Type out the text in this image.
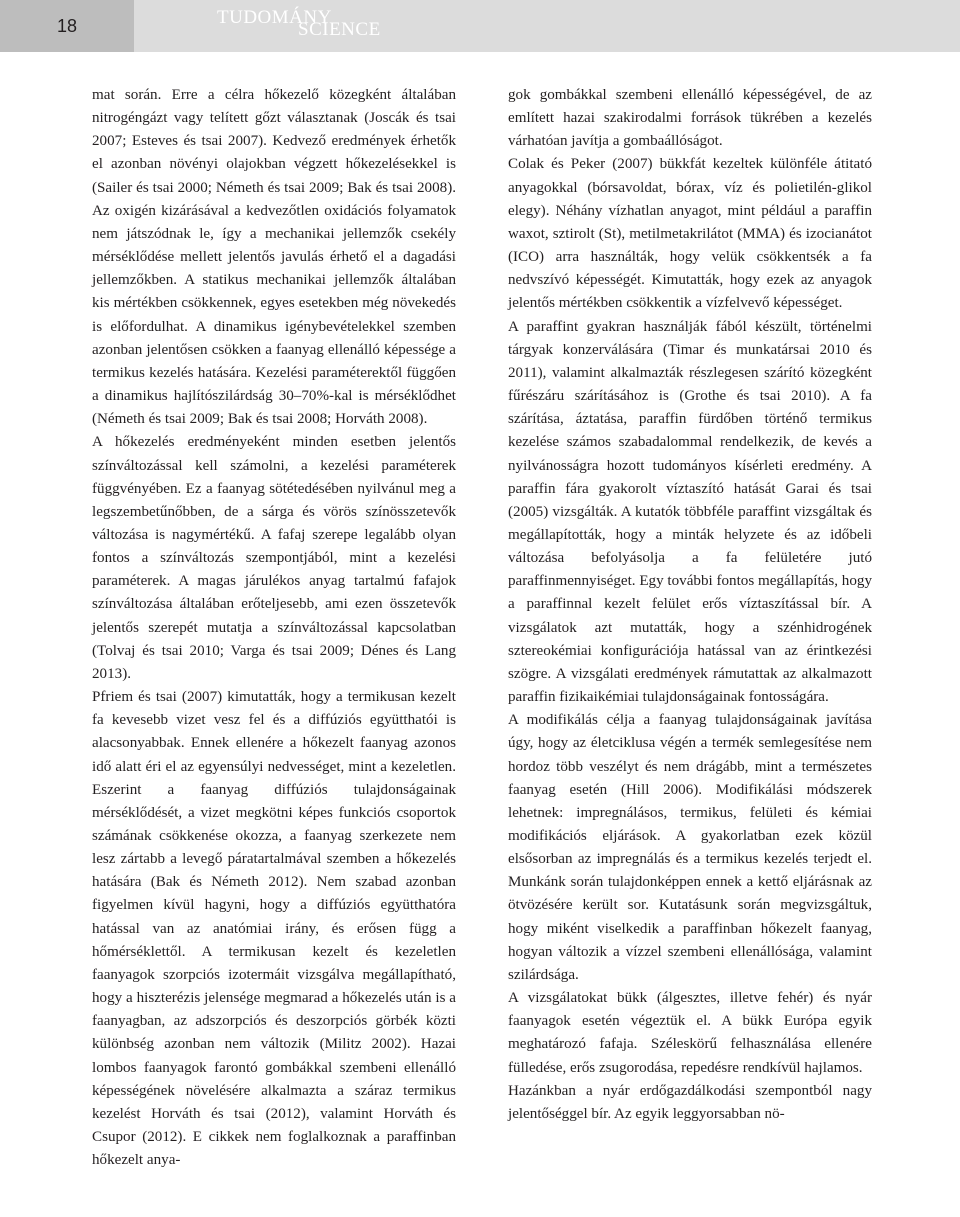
18	TUDOMÁNY
SCIENCE

mat során. Erre a célra hőkezelő közegként általában nitrogéngázt vagy telített gőzt választanak (Joscák és tsai 2007; Esteves és tsai 2007). Kedvező eredmények érhetők el azonban növényi olajokban végzett hőkezelésekkel is (Sailer és tsai 2000; Németh és tsai 2009; Bak és tsai 2008). Az oxigén kizárásával a kedvezőtlen oxidációs folyamatok nem játszódnak le, így a mechanikai jellemzők csekély mérséklődése mellett jelentős javulás érhető el a dagadási jellemzőkben. A statikus mechanikai jellemzők általában kis mértékben csökkennek, egyes esetekben még növekedés is előfordulhat. A dinamikus igénybevételekkel szemben azonban jelentősen csökken a faanyag ellenálló képessége a termikus kezelés hatására. Kezelési paraméterektől függően a dinamikus hajlítószilárdság 30–70%-kal is mérséklődhet (Németh és tsai 2009; Bak és tsai 2008; Horváth 2008).

A hőkezelés eredményeként minden esetben jelentős színváltozással kell számolni, a kezelési paraméterek függvényében. Ez a faanyag sötétedésében nyilvánul meg a legszembetűnőbben, de a sárga és vörös színösszetevők változása is nagymértékű. A fafaj szerepe legalább olyan fontos a színváltozás szempontjából, mint a kezelési paraméterek. A magas járulékos anyag tartalmú fafajok színváltozása általában erőteljesebb, ami ezen összetevők jelentős szerepét mutatja a színváltozással kapcsolatban (Tolvaj és tsai 2010; Varga és tsai 2009; Dénes és Lang 2013).

Pfriem és tsai (2007) kimutatták, hogy a termikusan kezelt fa kevesebb vizet vesz fel és a diffúziós együtthatói is alacsonyabbak. Ennek ellenére a hőkezelt faanyag azonos idő alatt éri el az egyensúlyi nedvességet, mint a kezeletlen. Eszerint a faanyag diffúziós tulajdonságainak mérséklődését, a vizet megkötni képes funkciós csoportok számának csökkenése okozza, a faanyag szerkezete nem lesz zártabb a levegő páratartalmával szemben a hőkezelés hatására (Bak és Németh 2012). Nem szabad azonban figyelmen kívül hagyni, hogy a diffúziós együtthatóra hatással van az anatómiai irány, és erősen függ a hőmérséklettől. A termikusan kezelt és kezeletlen faanyagok szorpciós izotermáit vizsgálva megállapítható, hogy a hiszterézis jelensége megmarad a hőkezelés után is a faanyagban, az adszorpciós és deszorpciós görbék közti különbség azonban nem változik (Militz 2002). Hazai lombos faanyagok farontó gombákkal szembeni ellenálló képességének növelésére alkalmazta a száraz termikus kezelést Horváth és tsai (2012), valamint Horváth és Csupor (2012). E cikkek nem foglalkoznak a paraffinban hőkezelt anya-

gok gombákkal szembeni ellenálló képességével, de az említett hazai szakirodalmi források tükrében a kezelés várhatóan javítja a gombaállóságot.

Colak és Peker (2007) bükkfát kezeltek különféle átitató anyagokkal (bórsavoldat, bórax, víz és polietilén-glikol elegy). Néhány vízhatlan anyagot, mint például a paraffin waxot, sztirolt (St), metilmetakrilátot (MMA) és izocianátot (ICO) arra használták, hogy velük csökkentsék a fa nedvszívó képességét. Kimutatták, hogy ezek az anyagok jelentős mértékben csökkentik a vízfelvevő képességet.

A paraffint gyakran használják fából készült, történelmi tárgyak konzerválására (Timar és munkatársai 2010 és 2011), valamint alkalmazták részlegesen szárító közegként fűrészáru szárításához is (Grothe és tsai 2010). A fa szárítása, áztatása, paraffin fürdőben történő termikus kezelése számos szabadalommal rendelkezik, de kevés a nyilvánosságra hozott tudományos kísérleti eredmény. A paraffin fára gyakorolt víztaszító hatását Garai és tsai (2005) vizsgálták. A kutatók többféle paraffint vizsgáltak és megállapították, hogy a minták helyzete és az időbeli változása befolyásolja a fa felületére jutó paraffinmennyiséget. Egy további fontos megállapítás, hogy a paraffinnal kezelt felület erős víztaszítással bír. A vizsgálatok azt mutatták, hogy a szénhidrogének sztereokémiai konfigurációja hatással van az érintkezési szögre. A vizsgálati eredmények rámutattak az alkalmazott paraffin fizikaikémiai tulajdonságainak fontosságára.

A modifikálás célja a faanyag tulajdonságainak javítása úgy, hogy az életciklusa végén a termék semlegesítése nem hordoz több veszélyt és nem drágább, mint a természetes faanyag esetén (Hill 2006). Modifikálási módszerek lehetnek: impregnálásos, termikus, felületi és kémiai modifikációs eljárások. A gyakorlatban ezek közül elsősorban az impregnálás és a termikus kezelés terjedt el. Munkánk során tulajdonképpen ennek a kettő eljárásnak az ötvözésére került sor. Kutatásunk során megvizsgáltuk, hogy miként viselkedik a paraffinban hőkezelt faanyag, hogyan változik a vízzel szembeni ellenállósága, valamint szilárdsága.

A vizsgálatokat bükk (álgesztes, illetve fehér) és nyár faanyagok esetén végeztük el. A bükk Európa egyik meghatározó fafaja. Széleskörű felhasználása ellenére fülledése, erős zsugorodása, repedésre rendkívül hajlamos.

Hazánkban a nyár erdőgazdálkodási szempontból nagy jelentőséggel bír. Az egyik leggyorsabban nö-
